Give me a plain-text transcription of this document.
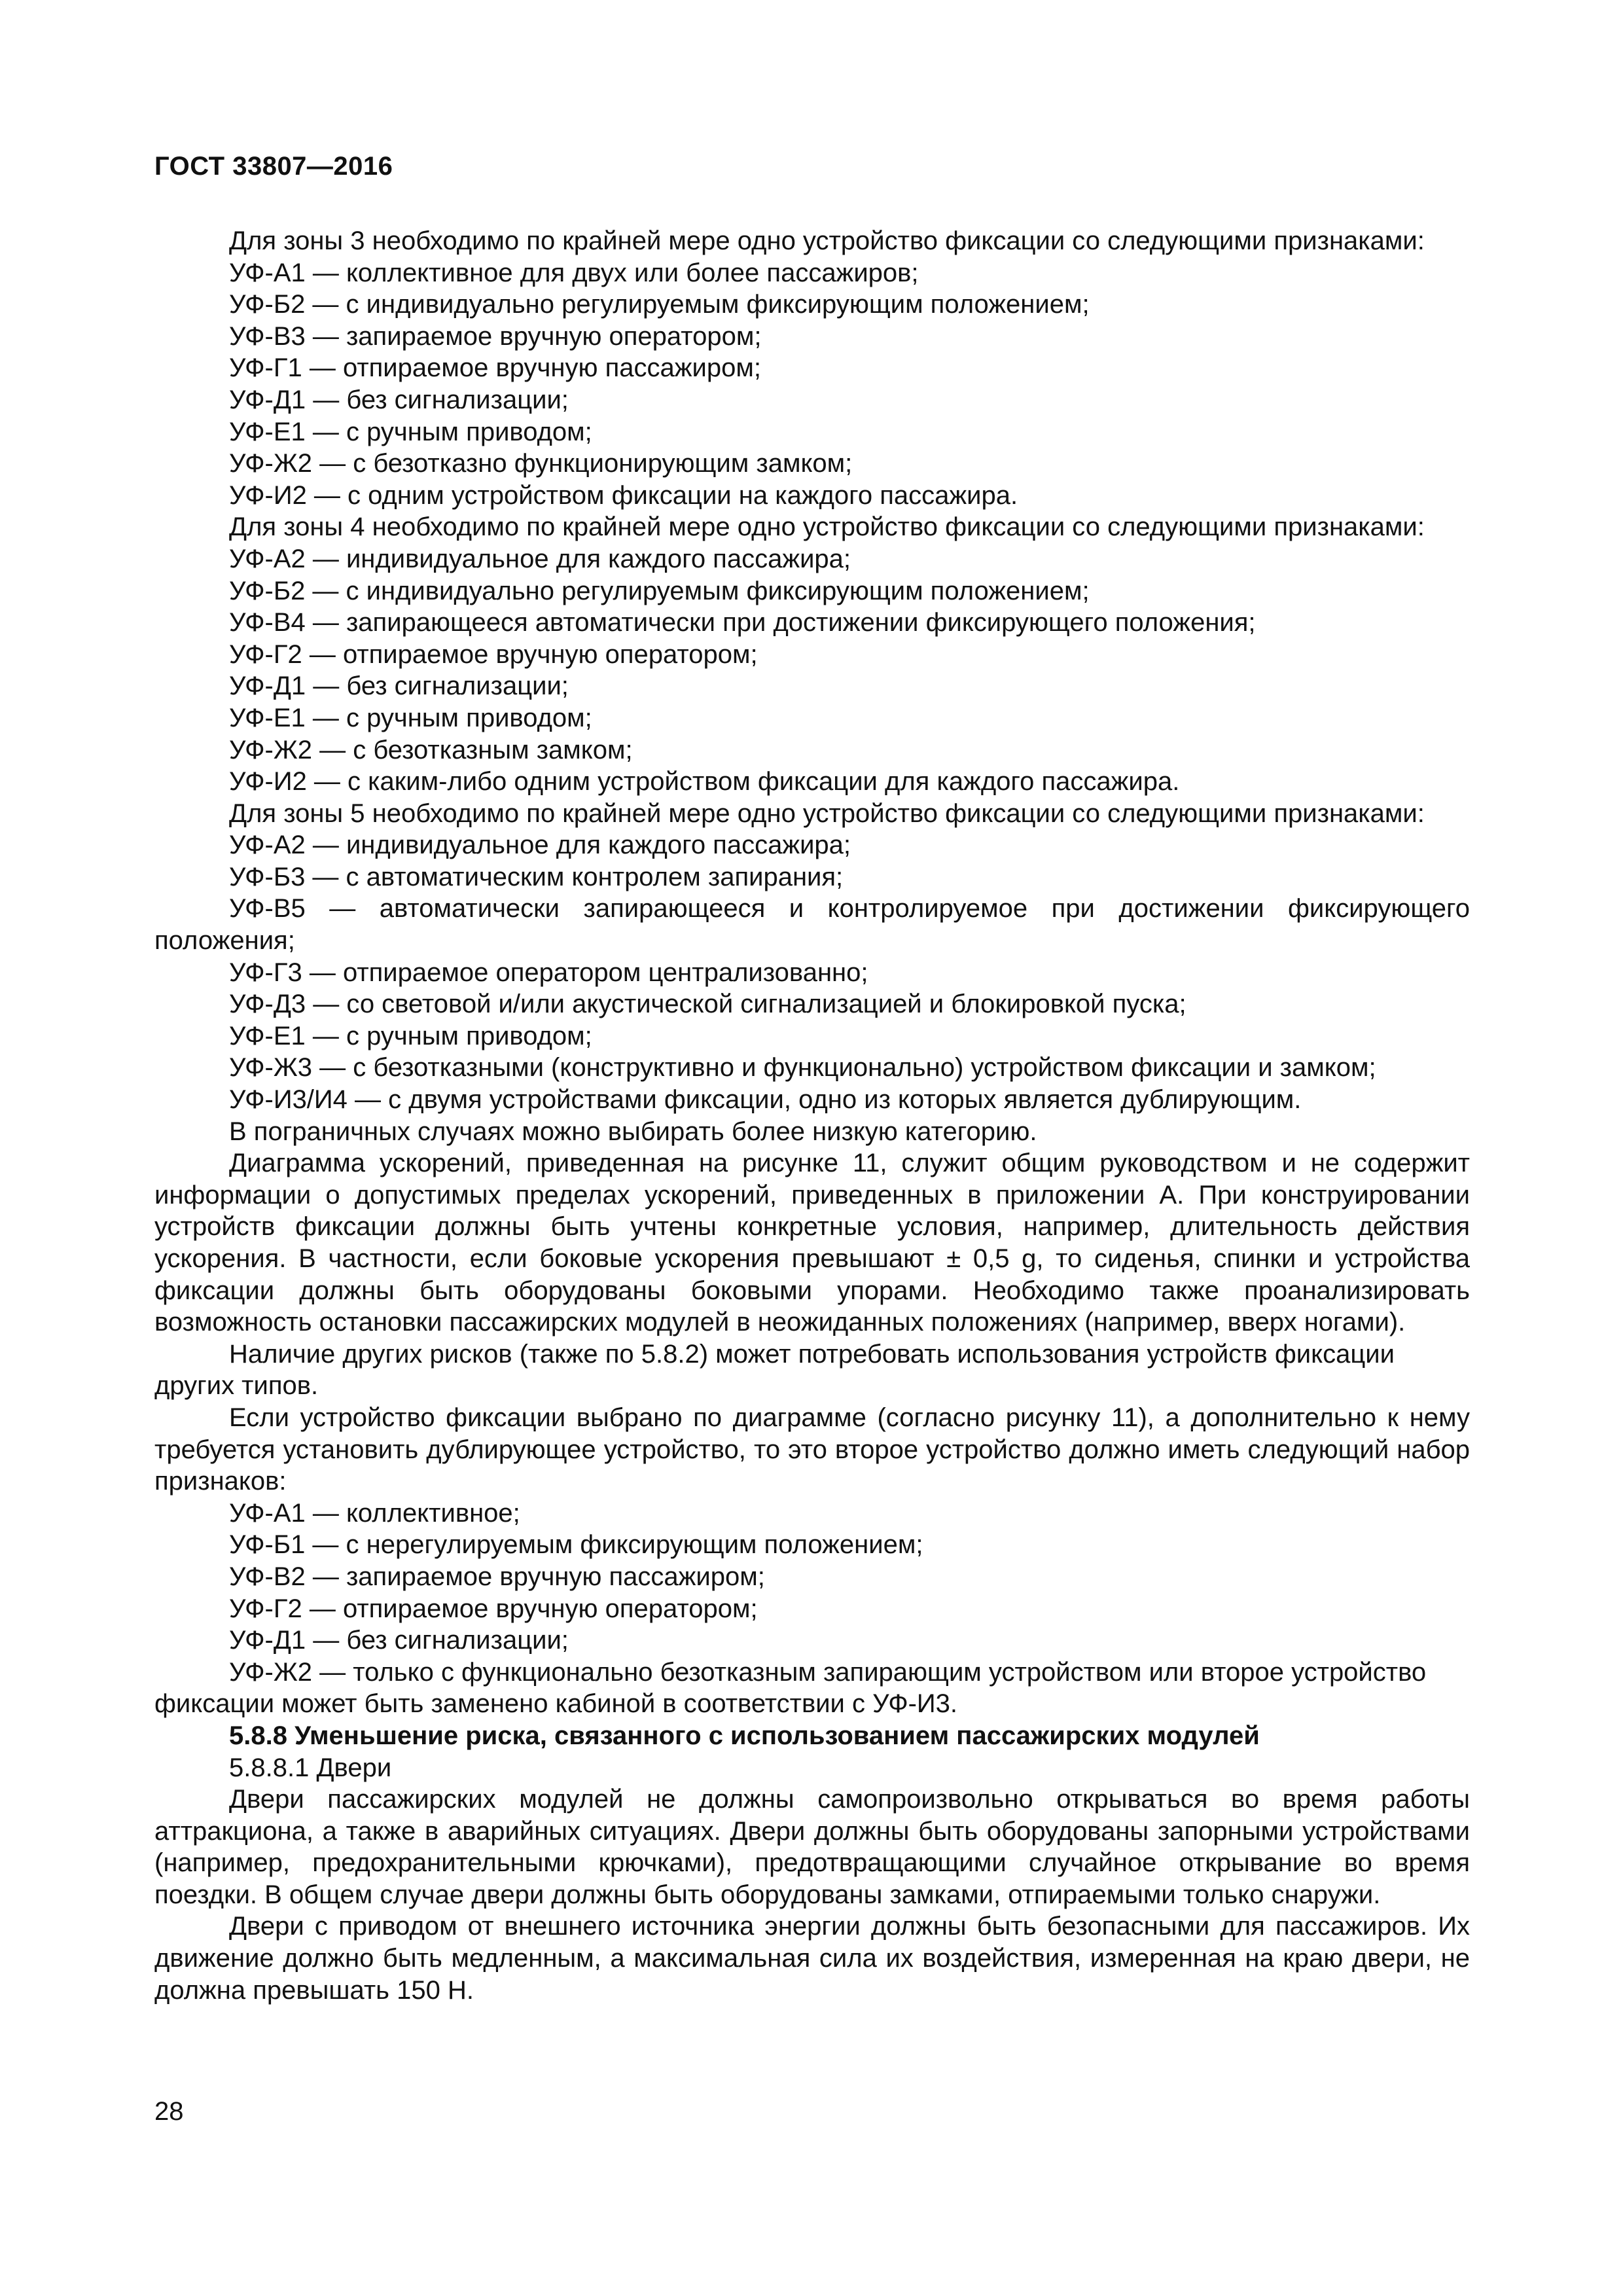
ГОСТ 33807—2016

Для зоны 3 необходимо по крайней мере одно устройство фиксации со следующими признаками:

УФ-А1 — коллективное для двух или более пассажиров;

УФ-Б2 — с индивидуально регулируемым фиксирующим положением;

УФ-В3 — запираемое вручную оператором;

УФ-Г1 — отпираемое вручную пассажиром;

УФ-Д1 — без сигнализации;

УФ-Е1 — с ручным приводом;

УФ-Ж2 — с безотказно функционирующим замком;

УФ-И2 — с одним устройством фиксации на каждого пассажира.

Для зоны 4 необходимо по крайней мере одно устройство фиксации со следующими признаками:

УФ-А2 — индивидуальное для каждого пассажира;

УФ-Б2 — с индивидуально регулируемым фиксирующим положением;

УФ-В4 — запирающееся автоматически при достижении фиксирующего положения;

УФ-Г2 — отпираемое вручную оператором;

УФ-Д1 — без сигнализации;

УФ-Е1 — с ручным приводом;

УФ-Ж2 — с безотказным замком;

УФ-И2 — с каким-либо одним устройством фиксации для каждого пассажира.

Для зоны 5 необходимо по крайней мере одно устройство фиксации со следующими признаками:

УФ-А2 — индивидуальное для каждого пассажира;

УФ-Б3 — с автоматическим контролем запирания;

УФ-В5 — автоматически запирающееся и контролируемое при достижении фиксирующего положения;

УФ-Г3 — отпираемое оператором централизованно;

УФ-Д3 — со световой и/или акустической сигнализацией и блокировкой пуска;

УФ-Е1 — с ручным приводом;

УФ-Ж3 — с безотказными (конструктивно и функционально) устройством фиксации и замком;

УФ-И3/И4 — с двумя устройствами фиксации, одно из которых является дублирующим.

В пограничных случаях можно выбирать более низкую категорию.

Диаграмма ускорений, приведенная на рисунке 11, служит общим руководством и не содержит информации о допустимых пределах ускорений, приведенных в приложении А. При конструировании устройств фиксации должны быть учтены конкретные условия, например, длительность действия ускорения. В частности, если боковые ускорения превышают ± 0,5 g, то сиденья, спинки и устройства фиксации должны быть оборудованы боковыми упорами. Необходимо также проанализировать возможность остановки пассажирских модулей в неожиданных положениях (например, вверх ногами).

Наличие других рисков (также по 5.8.2) может потребовать использования устройств фиксации других типов.

Если устройство фиксации выбрано по диаграмме (согласно рисунку 11), а дополнительно к нему требуется установить дублирующее устройство, то это второе устройство должно иметь следующий набор признаков:

УФ-А1 — коллективное;

УФ-Б1 — с нерегулируемым фиксирующим положением;

УФ-В2 — запираемое вручную пассажиром;

УФ-Г2 — отпираемое вручную оператором;

УФ-Д1 — без сигнализации;

УФ-Ж2 — только с функционально безотказным запирающим устройством или второе устройство фиксации может быть заменено кабиной в соответствии с УФ-И3.

5.8.8 Уменьшение риска, связанного с использованием пассажирских модулей

5.8.8.1 Двери

Двери пассажирских модулей не должны самопроизвольно открываться во время работы аттракциона, а также в аварийных ситуациях. Двери должны быть оборудованы запорными устройствами (например, предохранительными крючками), предотвращающими случайное открывание во время поездки. В общем случае двери должны быть оборудованы замками, отпираемыми только снаружи.

Двери с приводом от внешнего источника энергии должны быть безопасными для пассажиров. Их движение должно быть медленным, а максимальная сила их воздействия, измеренная на краю двери, не должна превышать 150 Н.

28
